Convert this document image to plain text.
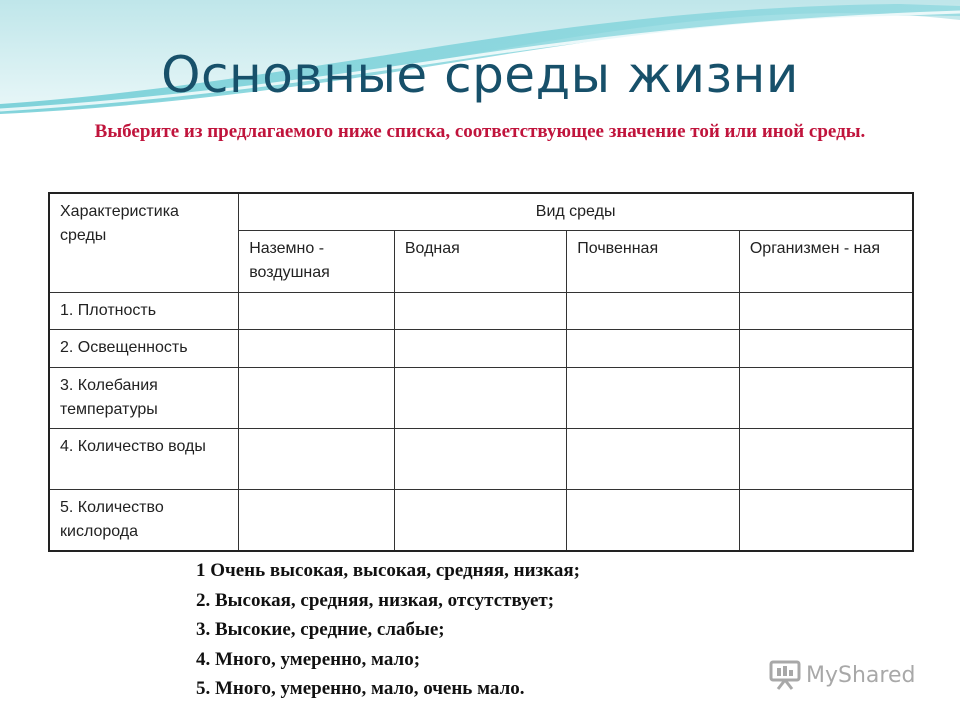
Основные среды жизни
Выберите из предлагаемого ниже списка, соответствующее значение той или иной среды.
Характеристика среды	Вид среды			
	Наземно - воздушная	Водная	Почвенная	Организмен - ная
1. Плотность				
2. Освещенность				
3. Колебания температуры				
4. Количество воды				
5. Количество кислорода				
1 Очень высокая, высокая, средняя, низкая;
2. Высокая, средняя, низкая, отсутствует;
3. Высокие, средние, слабые;
4. Много, умеренно, мало;
5. Много, умеренно, мало, очень мало.
MyShared
